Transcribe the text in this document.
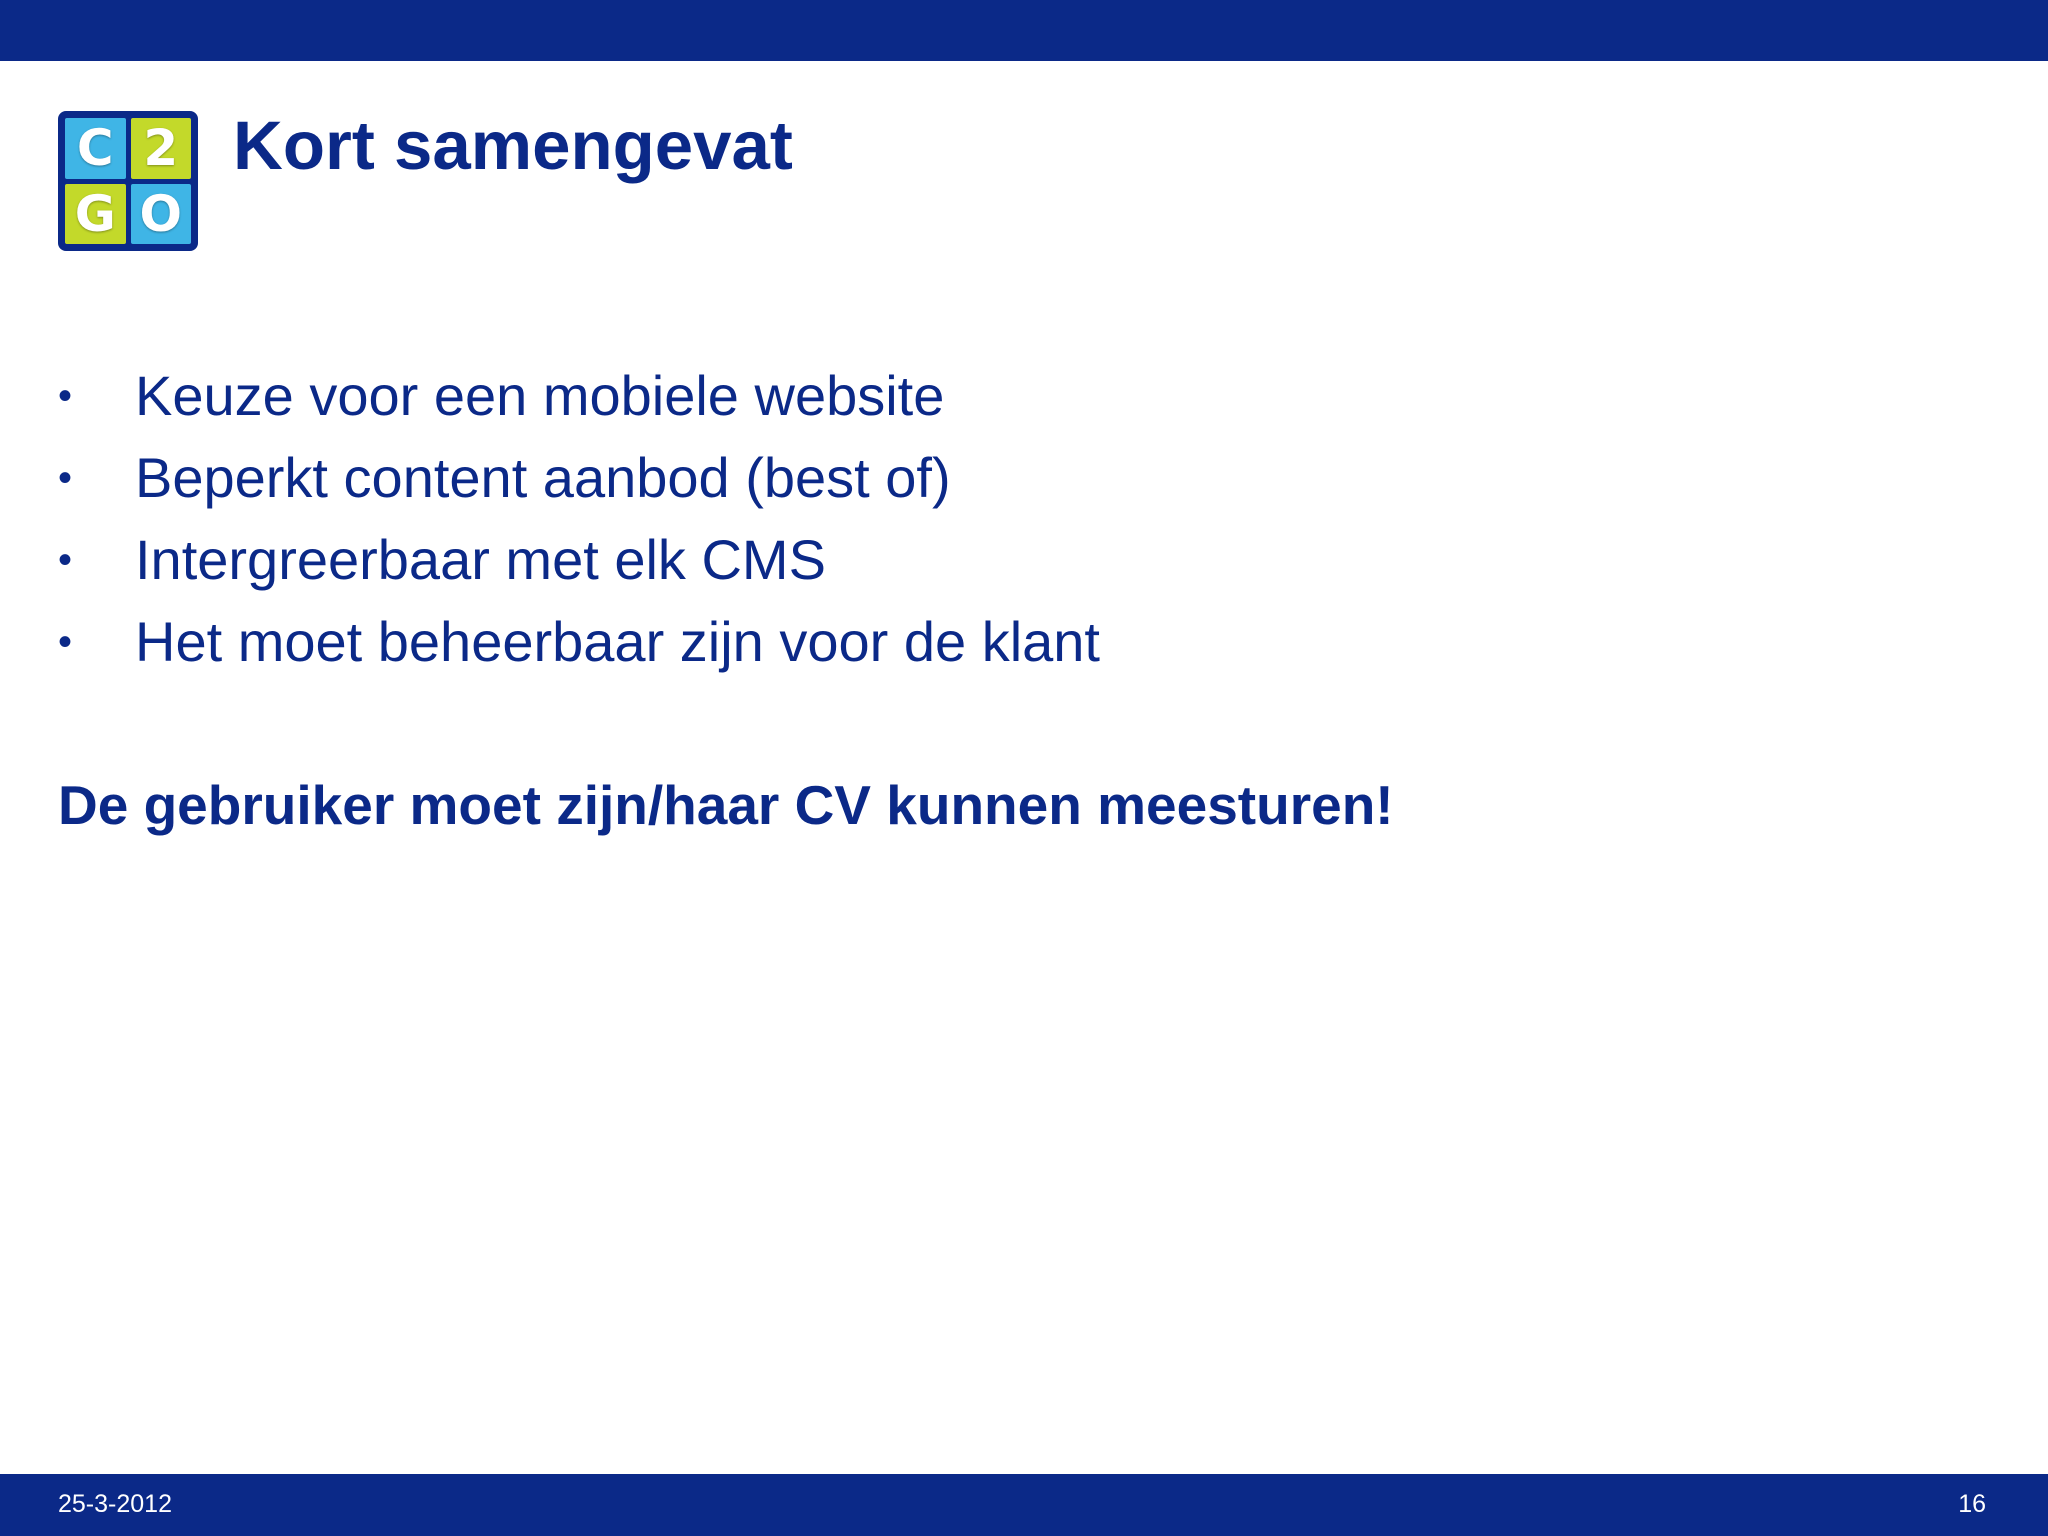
C 2
G O
Kort samengevat
• Keuze voor een mobiele website
• Beperkt content aanbod (best of)
• Intergreerbaar met elk CMS
• Het moet beheerbaar zijn voor de klant

De gebruiker moet zijn/haar CV kunnen meesturen!

25-3-2012	16
